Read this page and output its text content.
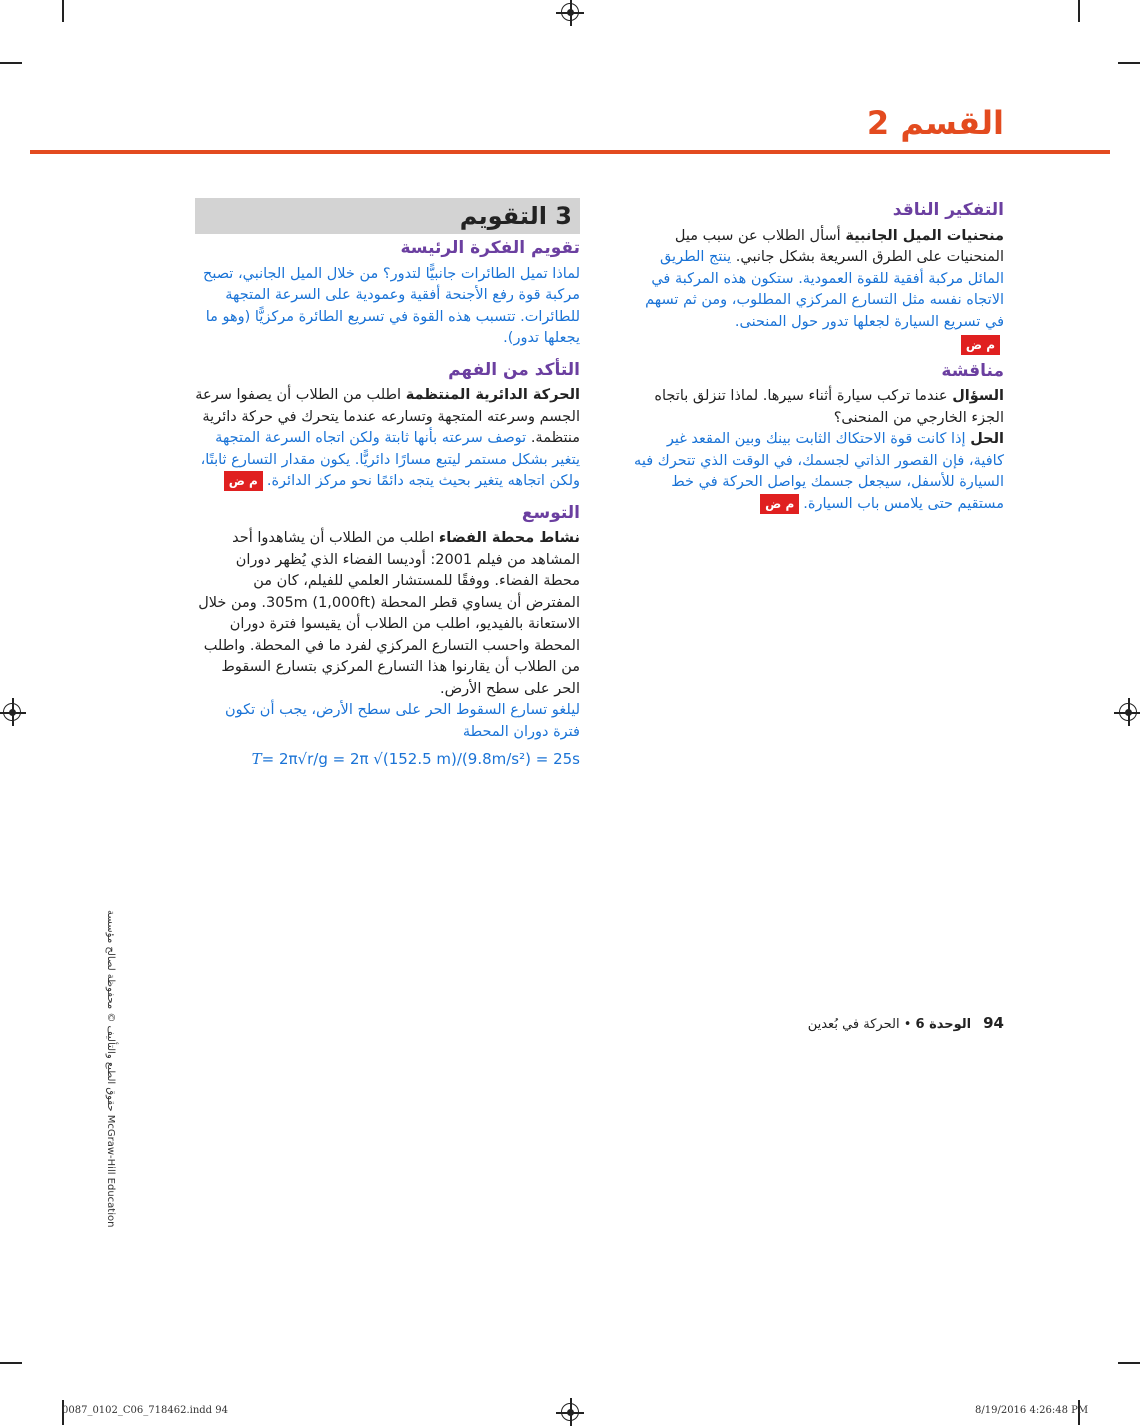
القسم 2
التفكير الناقد

منحنيات الميل الجانبية أسأل الطلاب عن سبب ميل المنحنيات على الطرق السريعة بشكل جانبي. ينتج الطريق المائل مركبة أفقية للقوة العمودية. ستكون هذه المركبة في الاتجاه نفسه مثل التسارع المركزي المطلوب، ومن ثم تسهم في تسريع السيارة لجعلها تدور حول المنحنى.

م ض

مناقشة

السؤال عندما تركب سيارة أثناء سيرها. لماذا تنزلق باتجاه الجزء الخارجي من المنحنى؟

الحل إذا كانت قوة الاحتكاك الثابت بينك وبين المقعد غير كافية، فإن القصور الذاتي لجسمك، في الوقت الذي تتحرك فيه السيارة للأسفل، سيجعل جسمك يواصل الحركة في خط مستقيم حتى يلامس باب السيارة.م ض

3 التقويم
تقويم الفكرة الرئيسة

لماذا تميل الطائرات جانبيًّا لتدور؟ من خلال الميل الجانبي، تصبح مركبة قوة رفع الأجنحة أفقية وعمودية على السرعة المتجهة للطائرات. تتسبب هذه القوة في تسريع الطائرة مركزيًّا (وهو ما يجعلها تدور).

التأكد من الفهم

الحركة الدائرية المنتظمة اطلب من الطلاب أن يصفوا سرعة الجسم وسرعته المتجهة وتسارعه عندما يتحرك في حركة دائرية منتظمة. توصف سرعته بأنها ثابتة ولكن اتجاه السرعة المتجهة يتغير بشكل مستمر ليتبع مسارًا دائريًّا. يكون مقدار التسارع ثابتًا، ولكن اتجاهه يتغير بحيث يتجه دائمًا نحو مركز الدائرة.م ض

التوسع

نشاط محطة الفضاء اطلب من الطلاب أن يشاهدوا أحد المشاهد من فيلم 2001: أوديسا الفضاء الذي يُظهر دوران محطة الفضاء. ووفقًا للمستشار العلمي للفيلم، كان من المفترض أن يساوي قطر المحطة 305m (1,000ft). ومن خلال الاستعانة بالفيديو، اطلب من الطلاب أن يقيسوا فترة دوران المحطة واحسب التسارع المركزي لفرد ما في المحطة. واطلب من الطلاب أن يقارنوا هذا التسارع المركزي بتسارع السقوط الحر على سطح الأرض.

ليلغو تسارع السقوط الحر على سطح الأرض، يجب أن تكون فترة دوران المحطة

T= 2π√r/g = 2π √(152.5 m)/(9.8m/s²) = 25s
حقوق الطبع والتأليف © محفوظة لصالح مؤسسة McGraw-Hill Education
94الوحدة 6 • الحركة في بُعدين
0087_0102_C06_718462.indd 94	8/19/2016 4:26:48 PM
